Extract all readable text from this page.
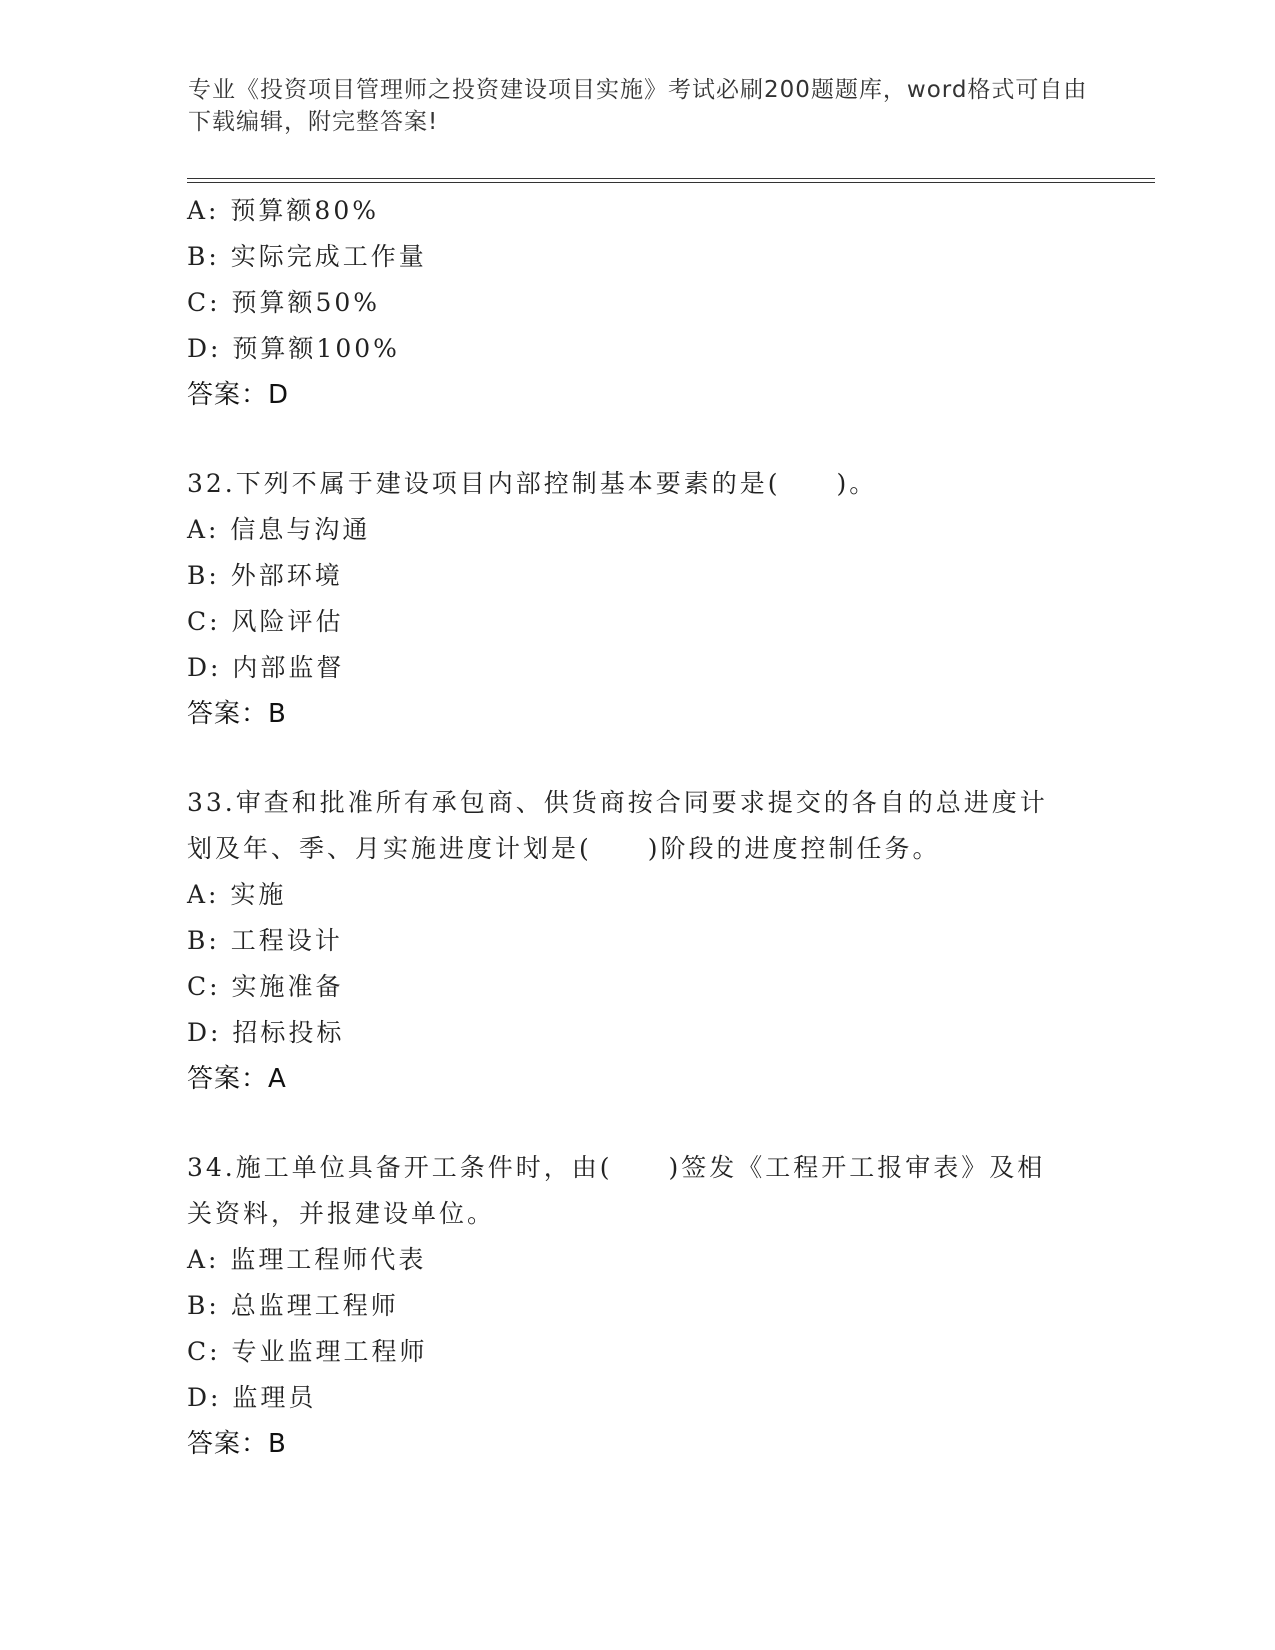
专业《投资项目管理师之投资建设项目实施》考试必刷200题题库，word格式可自由下载编辑，附完整答案!
A: 预算额80%
B: 实际完成工作量
C: 预算额50%
D: 预算额100%
答案：D
32.下列不属于建设项目内部控制基本要素的是(　　)。
A: 信息与沟通
B: 外部环境
C: 风险评估
D: 内部监督
答案：B
33.审查和批准所有承包商、供货商按合同要求提交的各自的总进度计划及年、季、月实施进度计划是(　　)阶段的进度控制任务。
A: 实施
B: 工程设计
C: 实施准备
D: 招标投标
答案：A
34.施工单位具备开工条件时，由(　　)签发《工程开工报审表》及相关资料，并报建设单位。
A: 监理工程师代表
B: 总监理工程师
C: 专业监理工程师
D: 监理员
答案：B
